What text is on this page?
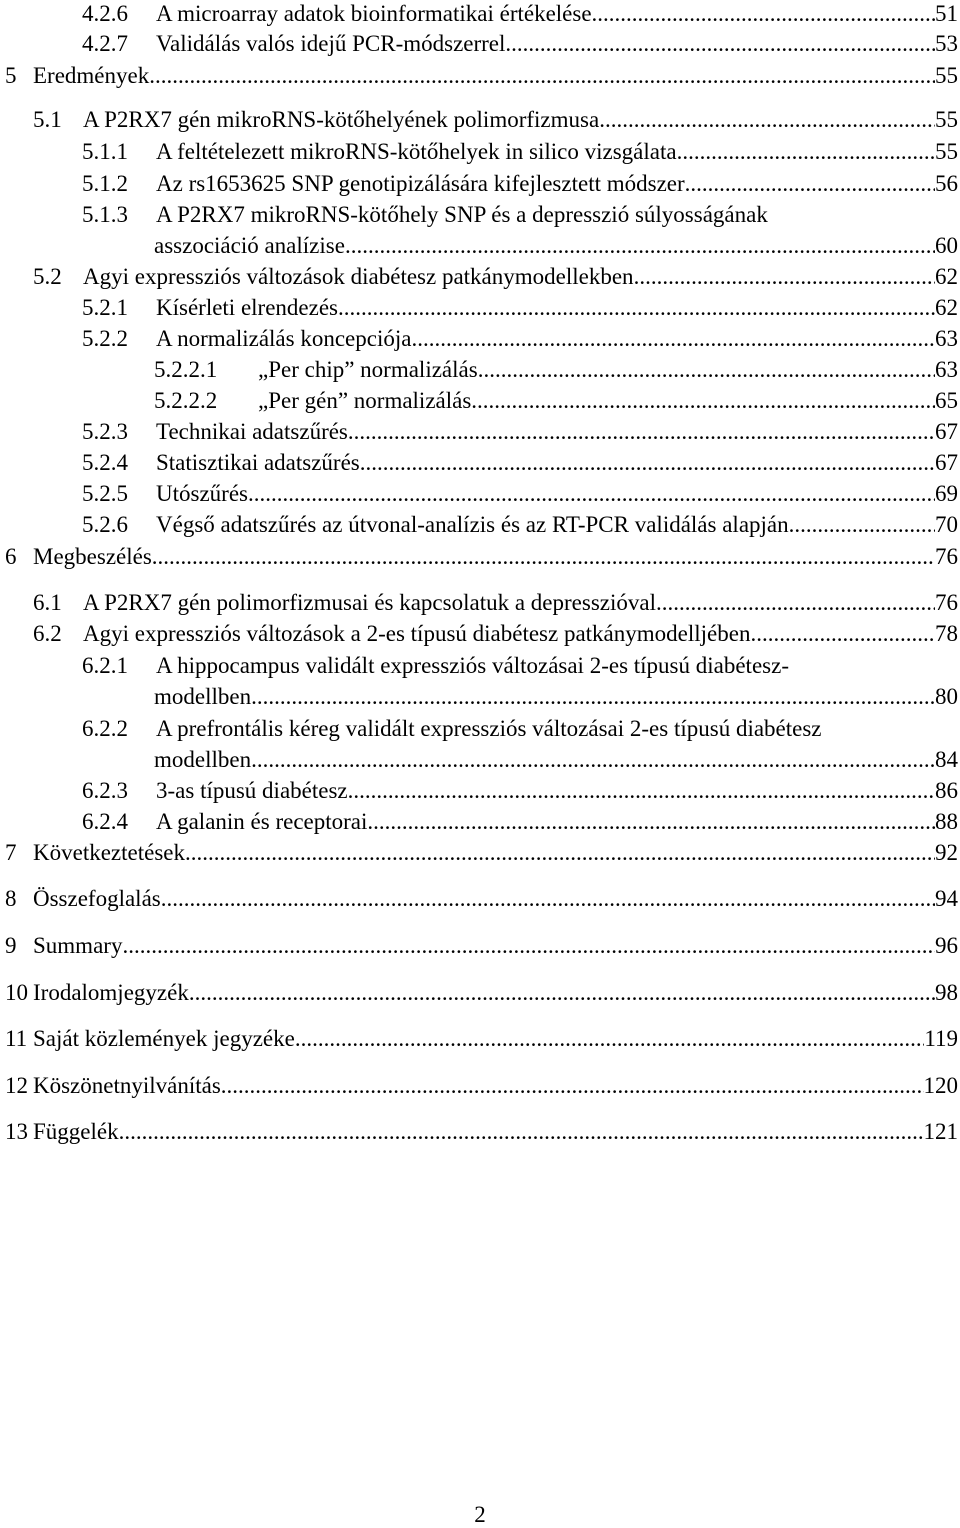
4.2.6	A microarray adatok bioinformatikai értékelése .....	51
4.2.7	Validálás valós idejű PCR-módszerrel .....	53
5 Eredmények .....	55
5.1 A P2RX7 gén mikroRNS-kötőhelyének polimorfizmusa .....	55
5.1.1	A feltételezett mikroRNS-kötőhelyek in silico vizsgálata .....	55
5.1.2	Az rs1653625 SNP genotipizálására kifejlesztett módszer .....	56
5.1.3 A P2RX7 mikroRNS-kötőhely SNP és a depresszió súlyosságának
asszociáció analízise .....	60
5.2 Agyi expressziós változások diabétesz patkánymodellekben .....	62
5.2.1	Kísérleti elrendezés .....	62
5.2.2	A normalizálás koncepciója .....	63
5.2.2.1	„Per chip” normalizálás .....	63
5.2.2.2	„Per gén” normalizálás .....	65
5.2.3	Technikai adatszűrés .....	67
5.2.4	Statisztikai adatszűrés .....	67
5.2.5	Utószűrés .....	69
5.2.6	Végső adatszűrés az útvonal-analízis és az RT-PCR validálás alapján .....	70
6 Megbeszélés .....	76
6.1 A P2RX7 gén polimorfizmusai és kapcsolatuk a depresszióval .....	76
6.2 Agyi expressziós változások a 2-es típusú diabétesz patkánymodelljében .....	78
6.2.1 A hippocampus validált expressziós változásai 2-es típusú diabétesz-
modellben .....	80
6.2.2 A prefrontális kéreg validált expressziós változásai 2-es típusú diabétesz
modellben .....	84
6.2.3	3-as típusú diabétesz .....	86
6.2.4	A galanin és receptorai .....	88
7 Következtetések .....	92
8 Összefoglalás .....	94
9 Summary .....	96
10 Irodalomjegyzék .....	98
11 Saját közlemények jegyzéke .....	119
12 Köszönetnyilvánítás .....	120
13 Függelék .....	121
2
